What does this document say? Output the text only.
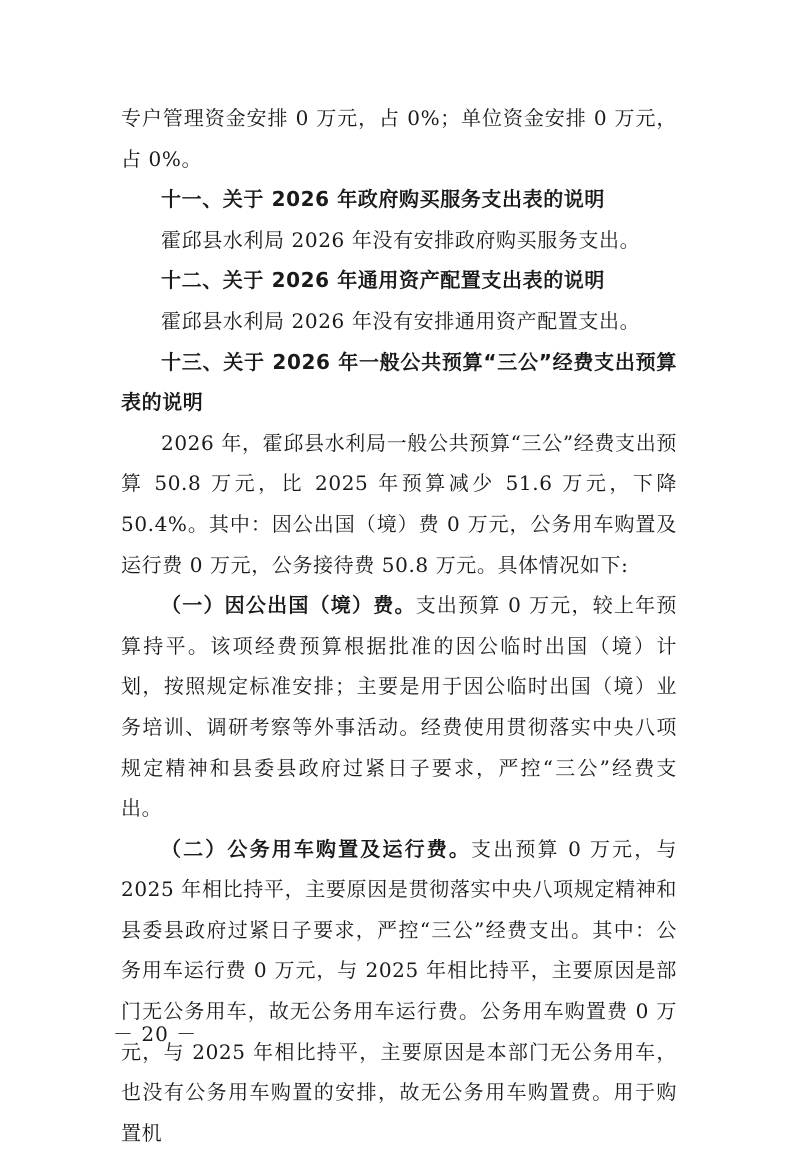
专户管理资金安排 0 万元，占 0%；单位资金安排 0 万元，占 0%。

十一、关于 2026 年政府购买服务支出表的说明

霍邱县水利局 2026 年没有安排政府购买服务支出。

十二、关于 2026 年通用资产配置支出表的说明

霍邱县水利局 2026 年没有安排通用资产配置支出。

十三、关于 2026 年一般公共预算“三公”经费支出预算表的说明

2026 年，霍邱县水利局一般公共预算“三公”经费支出预算 50.8 万元，比 2025 年预算减少 51.6 万元，下降 50.4%。其中：因公出国（境）费 0 万元，公务用车购置及运行费 0 万元，公务接待费 50.8 万元。具体情况如下:

（一）因公出国（境）费。支出预算 0 万元，较上年预算持平。该项经费预算根据批准的因公临时出国（境）计划，按照规定标准安排；主要是用于因公临时出国（境）业务培训、调研考察等外事活动。经费使用贯彻落实中央八项规定精神和县委县政府过紧日子要求，严控“三公”经费支出。

（二）公务用车购置及运行费。支出预算 0 万元，与 2025 年相比持平，主要原因是贯彻落实中央八项规定精神和县委县政府过紧日子要求，严控“三公”经费支出。其中：公务用车运行费 0 万元，与 2025 年相比持平，主要原因是部门无公务用车，故无公务用车运行费。公务用车购置费 0 万元，与 2025 年相比持平，主要原因是本部门无公务用车，也没有公务用车购置的安排，故无公务用车购置费。用于购置机

－ 20 －
